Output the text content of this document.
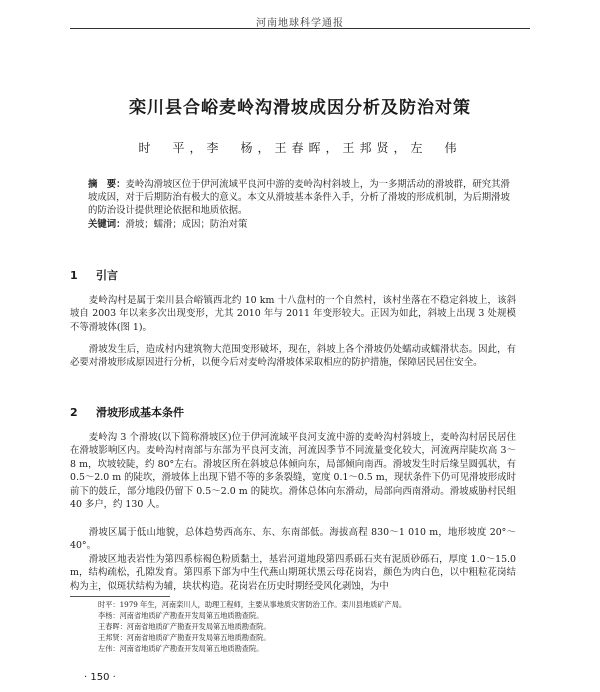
河南地球科学通报
栾川县合峪麦岭沟滑坡成因分析及防治对策
时　平，李　杨，王春晖，王邦贤，左　伟
摘　要：麦岭沟滑坡区位于伊河流域平良河中游的麦岭沟村斜坡上，为一多期活动的滑坡群，研究其滑坡成因，对于后期防治有极大的意义。本文从滑坡基本条件入手，分析了滑坡的形成机制，为后期滑坡的防治设计提供理论依据和地质依据。
关键词：滑坡；蠕滑；成因；防治对策
1 引言

麦岭沟村是属于栾川县合峪镇西北约 10 km 十八盘村的一个自然村，该村坐落在不稳定斜坡上，该斜坡自 2003 年以来多次出现变形，尤其 2010 年与 2011 年变形较大。正因为如此，斜坡上出现 3 处规模不等滑坡体(图 1)。

滑坡发生后，造成村内建筑物大范围变形破坏，现在，斜坡上各个滑坡仍处蠕动或蠕滑状态。因此，有必要对滑坡形成原因进行分析，以便今后对麦岭沟滑坡体采取相应的防护措施，保障居民居住安全。

2 滑坡形成基本条件

麦岭沟 3 个滑坡(以下简称滑坡区)位于伊河流域平良河支流中游的麦岭沟村斜坡上，麦岭沟村居民居住在滑坡影响区内。麦岭沟村南部与东部为平良河支流，河流因季节不同流量变化较大，河流两岸陡坎高 3～8 m，坎坡较陡，约 80°左右。滑坡区所在斜坡总体倾向东，局部倾向南西。滑坡发生时后缘呈圆弧状，有 0.5～2.0 m 的陡坎，滑坡体上出现下错不等的多条裂缝，宽度 0.1～0.5 m，现状条件下仍可见滑坡形成时前下的鼓丘，部分地段仍留下 0.5～2.0 m 的陡坎。滑体总体向东滑动，局部向西南滑动。滑坡威胁村民组 40 多户，约 130 人。

滑坡区属于低山地貌，总体趋势西高东、东、东南部低。海拔高程 830～1 010 m，地形坡度 20°～40°。

滑坡区地表岩性为第四系棕褐色粉质黏土，基岩河道地段第四系砾石夹有泥质砂砾石，厚度 1.0～15.0 m，结构疏松，孔隙发育。第四系下部为中生代燕山期斑状黑云母花岗岩，颜色为肉白色，以中粗粒花岗结构为主，似斑状结构为辅，块状构造。花岗岩在历史时期经受风化剥蚀，为中

时平：1979 年生，河南栾川人，助理工程师，主要从事地质灾害防治工作。栾川县地质矿产局。
李杨：河南省地质矿产勘查开发局第五地质勘查院。
王春晖：河南省地质矿产勘查开发局第五地质勘查院。
王邦贤：河南省地质矿产勘查开发局第五地质勘查院。
左伟：河南省地质矿产勘查开发局第五地质勘查院。
· 150 ·
